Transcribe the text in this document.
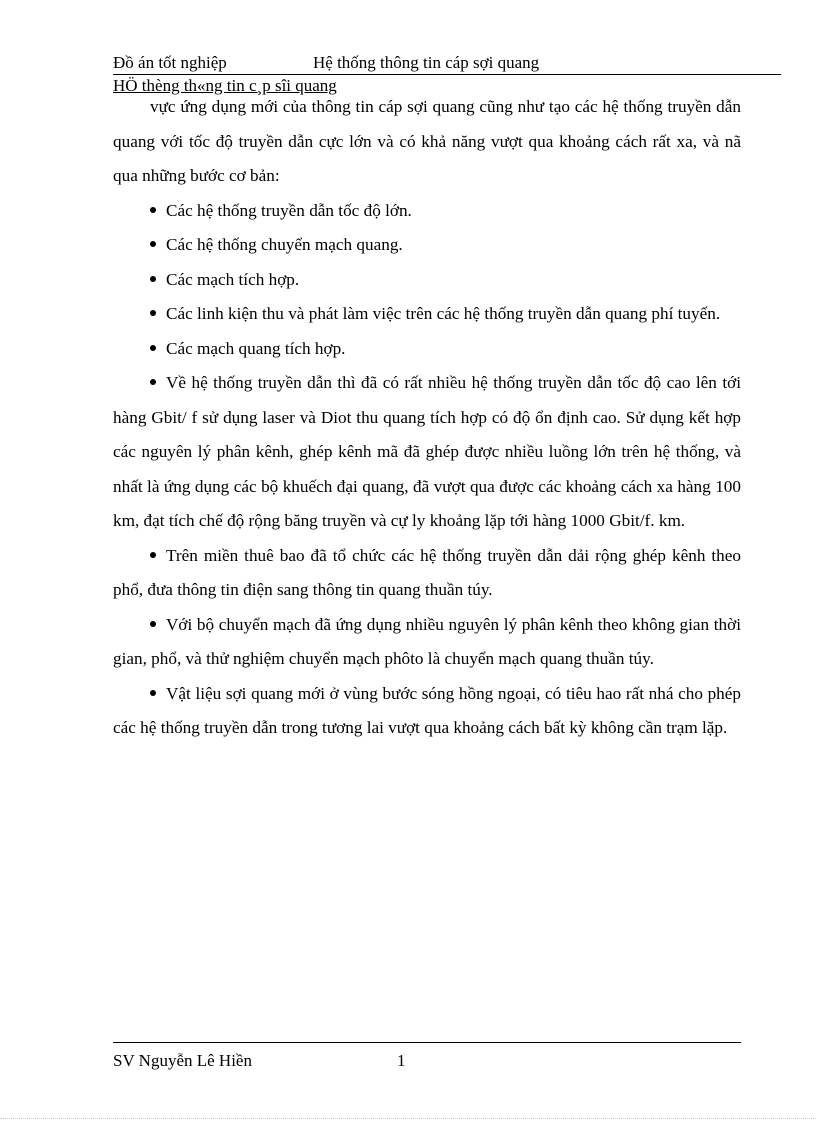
Đồ án tốt nghiệp	Hệ thống thông tin cáp sợi quang
HÖ thèng th«ng tin c¸p sîi quang

vực ứng dụng mới của thông tin cáp sợi quang cũng như tạo các hệ thống truyền dẫn quang với tốc độ truyền dẫn cực lớn và có khả năng vượt qua khoảng cách rất xa, và nã qua những bước cơ bản:

Các hệ thống truyền dẫn tốc độ lớn.

Các hệ thống chuyển mạch quang.

Các mạch tích hợp.

Các linh kiện thu và phát làm việc trên các hệ thống truyền dẫn quang phí tuyến.

Các mạch quang tích hợp.

Về hệ thống truyền dẫn thì đã có rất nhiều hệ thống truyền dẫn tốc độ cao lên tới hàng Gbit/ f sử dụng laser và Diot thu quang tích hợp có độ ổn định cao. Sử dụng kết hợp các nguyên lý phân kênh, ghép kênh mã đã ghép được nhiều luồng lớn trên hệ thống, và nhất là ứng dụng các bộ khuếch đại quang, đã vượt qua được các khoảng cách xa hàng 100 km, đạt tích chế độ rộng băng truyền và cự ly khoảng lặp tới hàng 1000 Gbit/f. km.

Trên miền thuê bao đã tổ chức các hệ thống truyền dẫn dải rộng ghép kênh theo phổ, đưa thông tin điện sang thông tin quang thuần túy.

Với bộ chuyển mạch đã ứng dụng nhiều nguyên lý phân kênh theo không gian thời gian, phổ, và thử nghiệm chuyển mạch phôto là chuyển mạch quang thuần túy.

Vật liệu sợi quang mới ở vùng bước sóng hồng ngoại, có tiêu hao rất nhá cho phép các hệ thống truyền dẫn trong tương lai vượt qua khoảng cách bất kỳ không cần trạm lặp.

SV Nguyễn Lê Hiền	1
